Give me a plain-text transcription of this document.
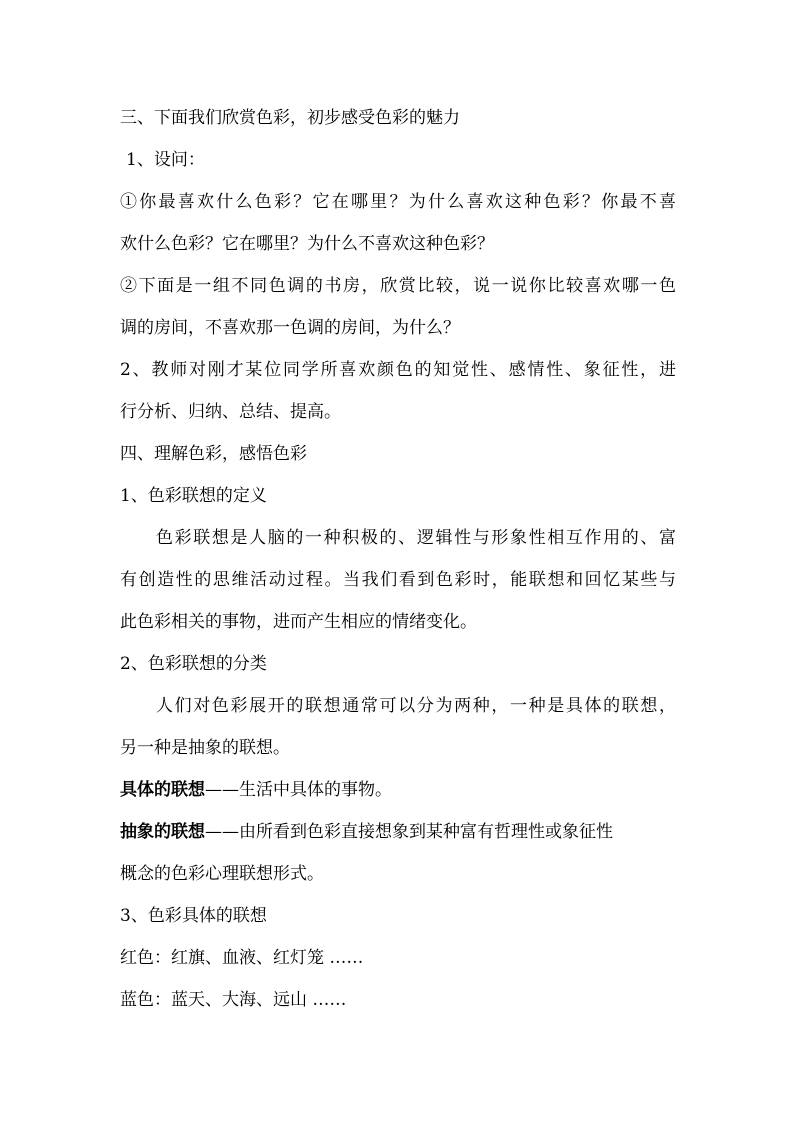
三、下面我们欣赏色彩，初步感受色彩的魅力
1、设问：
①你最喜欢什么色彩？它在哪里？为什么喜欢这种色彩？你最不喜
欢什么色彩？它在哪里？为什么不喜欢这种色彩？
②下面是一组不同色调的书房，欣赏比较，说一说你比较喜欢哪一色
调的房间，不喜欢那一色调的房间，为什么？
2、教师对刚才某位同学所喜欢颜色的知觉性、感情性、象征性，进
行分析、归纳、总结、提高。
四、理解色彩，感悟色彩
1、色彩联想的定义
色彩联想是人脑的一种积极的、逻辑性与形象性相互作用的、富
有创造性的思维活动过程。当我们看到色彩时，能联想和回忆某些与
此色彩相关的事物，进而产生相应的情绪变化。
2、色彩联想的分类
人们对色彩展开的联想通常可以分为两种，一种是具体的联想，
另一种是抽象的联想。
具体的联想——生活中具体的事物。
抽象的联想——由所看到色彩直接想象到某种富有哲理性或象征性
概念的色彩心理联想形式。
3、色彩具体的联想
红色：红旗、血液、红灯笼 ……
蓝色：蓝天、大海、远山 ……
